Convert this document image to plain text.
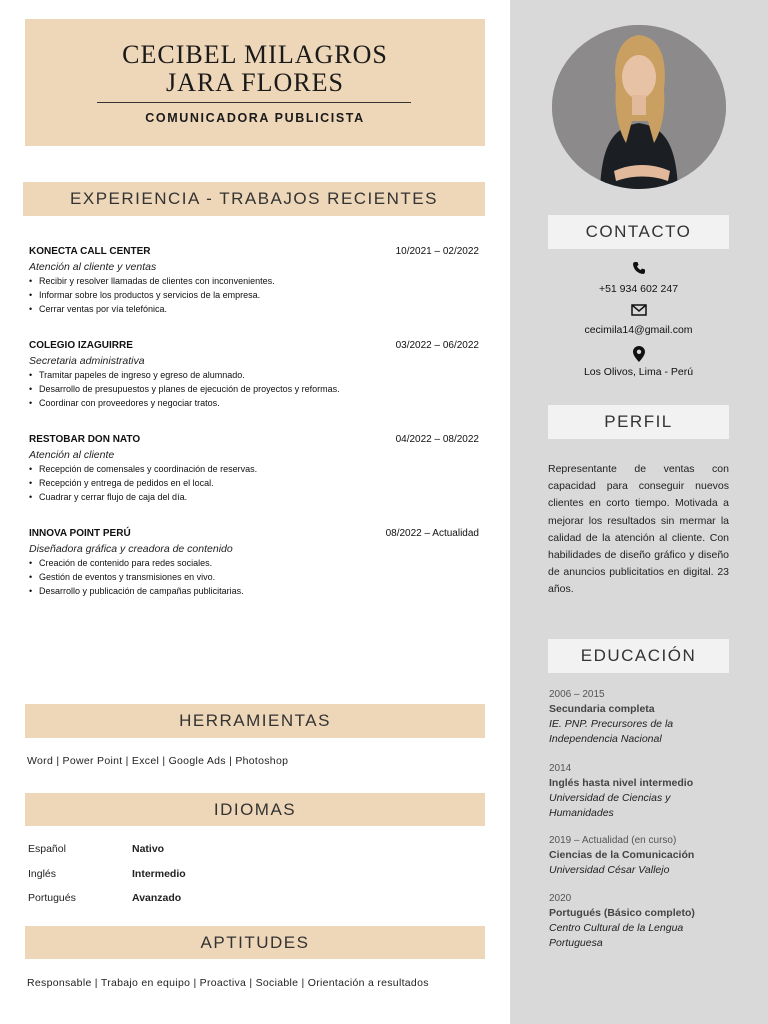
CECIBEL MILAGROS
JARA FLORES
COMUNICADORA PUBLICISTA
EXPERIENCIA - TRABAJOS RECIENTES
KONECTA CALL CENTER	10/2021 – 02/2022
Atención al cliente y ventas
• Recibir y resolver llamadas de clientes con inconvenientes.
• Informar sobre los productos y servicios de la empresa.
• Cerrar ventas por vía telefónica.
COLEGIO IZAGUIRRE	03/2022 – 06/2022
Secretaria administrativa
• Tramitar papeles de ingreso y egreso de alumnado.
• Desarrollo de presupuestos y planes de ejecución de proyectos y reformas.
• Coordinar con proveedores y negociar tratos.
RESTOBAR DON NATO	04/2022 – 08/2022
Atención al cliente
• Recepción de comensales y coordinación de reservas.
• Recepción y entrega de pedidos en el local.
• Cuadrar y cerrar flujo de caja del día.
INNOVA POINT PERÚ	08/2022 – Actualidad
Diseñadora gráfica y creadora de contenido
• Creación de contenido para redes sociales.
• Gestión de eventos y transmisiones en vivo.
• Desarrollo y publicación de campañas publicitarias.
HERRAMIENTAS
Word | Power Point | Excel | Google Ads | Photoshop
IDIOMAS
Español	Nativo
Inglés	Intermedio
Portugués	Avanzado
APTITUDES
Responsable | Trabajo en equipo | Proactiva | Sociable | Orientación a resultados
CONTACTO
+51 934 602 247
cecimila14@gmail.com
Los Olivos, Lima - Perú
PERFIL
Representante de ventas con capacidad para conseguir nuevos clientes en corto tiempo. Motivada a mejorar los resultados sin mermar la calidad de la atención al cliente. Con habilidades de diseño gráfico y diseño de anuncios publicitatios en digital. 23 años.
EDUCACIÓN
2006 – 2015
Secundaria completa
IE. PNP. Precursores de la Independencia Nacional
2014
Inglés hasta nivel intermedio
Universidad de Ciencias y Humanidades
2019 – Actualidad (en curso)
Ciencias de la Comunicación
Universidad César Vallejo
2020
Portugués (Básico completo)
Centro Cultural de la Lengua Portuguesa
